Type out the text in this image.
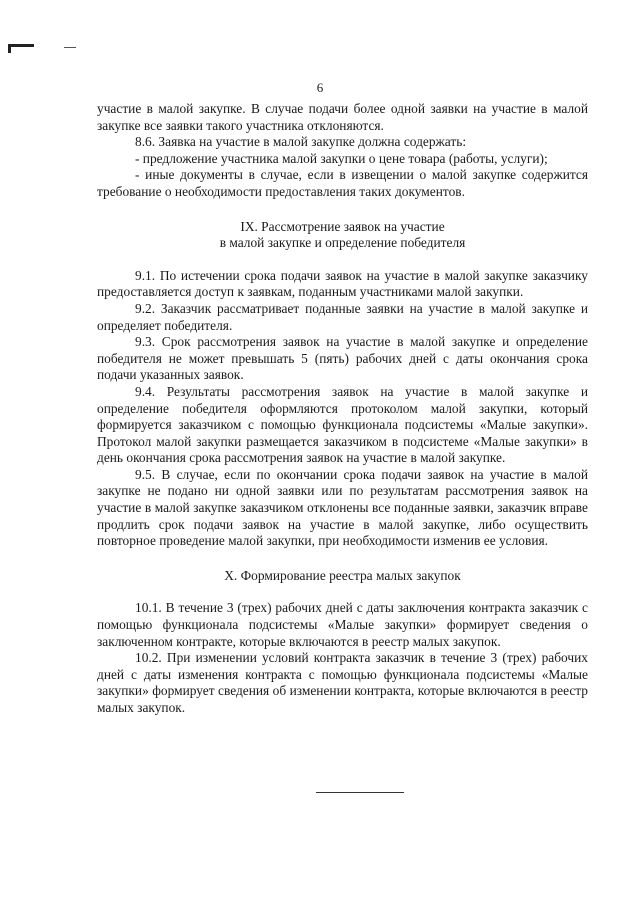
6

участие в малой закупке. В случае подачи более одной заявки на участие в малой закупке все заявки такого участника отклоняются.

8.6. Заявка на участие в малой закупке должна содержать:

- предложение участника малой закупки о цене товара (работы, услуги);

- иные документы в случае, если в извещении о малой закупке содержится требование о необходимости предоставления таких документов.

IX. Рассмотрение заявок на участие

в малой закупке и определение победителя

9.1. По истечении срока подачи заявок на участие в малой закупке заказчику предоставляется доступ к заявкам, поданным участниками малой закупки.

9.2. Заказчик рассматривает поданные заявки на участие в малой закупке и определяет победителя.

9.3. Срок рассмотрения заявок на участие в малой закупке и определение победителя не может превышать 5 (пять) рабочих дней с даты окончания срока подачи указанных заявок.

9.4. Результаты рассмотрения заявок на участие в малой закупке и определение победителя оформляются протоколом малой закупки, который формируется заказчиком с помощью функционала подсистемы «Малые закупки». Протокол малой закупки размещается заказчиком в подсистеме «Малые закупки» в день окончания срока рассмотрения заявок на участие в малой закупке.

9.5. В случае, если по окончании срока подачи заявок на участие в малой закупке не подано ни одной заявки или по результатам рассмотрения заявок на участие в малой закупке заказчиком отклонены все поданные заявки, заказчик вправе продлить срок подачи заявок на участие в малой закупке, либо осуществить повторное проведение малой закупки, при необходимости изменив ее условия.

X. Формирование реестра малых закупок

10.1. В течение 3 (трех) рабочих дней с даты заключения контракта заказчик с помощью функционала подсистемы «Малые закупки» формирует сведения о заключенном контракте, которые включаются в реестр малых закупок.

10.2. При изменении условий контракта заказчик в течение 3 (трех) рабочих дней с даты изменения контракта с помощью функционала подсистемы «Малые закупки» формирует сведения об изменении контракта, которые включаются в реестр малых закупок.
